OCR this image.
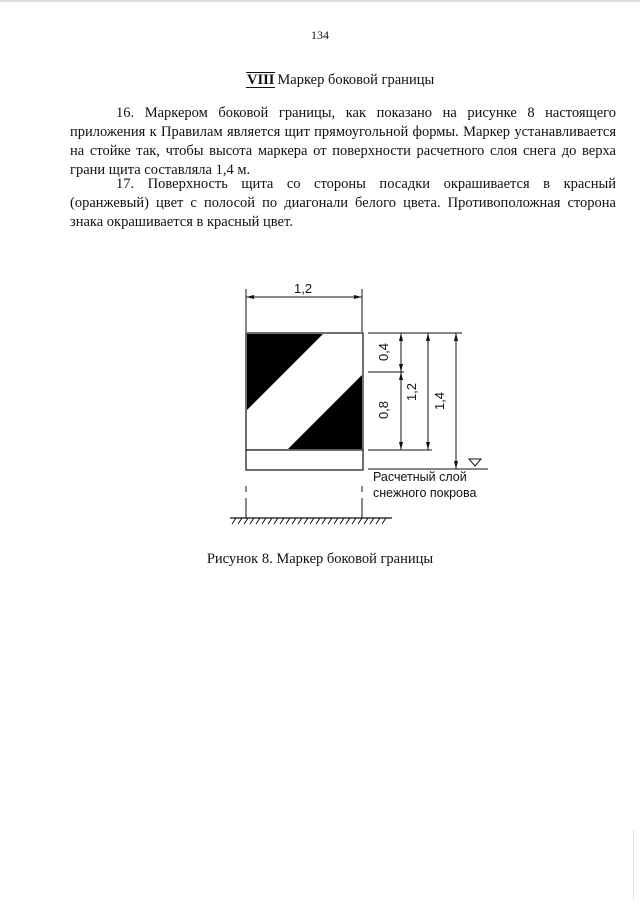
134
VIII Маркер боковой границы

16. Маркером боковой границы, как показано на рисунке 8 настоящего приложения к Правилам является щит прямоугольной формы. Маркер устанавливается на стойке так, чтобы высота маркера от поверхности расчетного слоя снега до верха грани щита составляла 1,4 м.

17. Поверхность щита со стороны посадки окрашивается в красный (оранжевый) цвет с полосой по диагонали белого цвета. Противоположная сторона знака окрашивается в красный цвет.

1,2
0,4
0,8
1,2 1,4
Расчетный слой
снежного покрова
Рисунок 8. Маркер боковой границы
